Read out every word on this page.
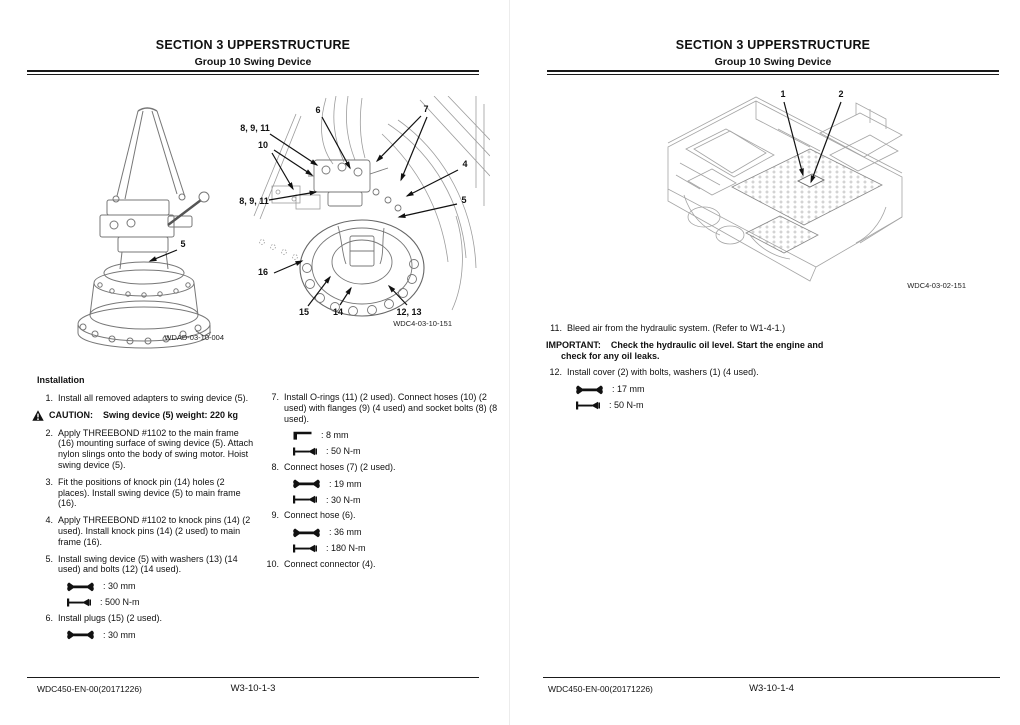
SECTION 3 UPPERSTRUCTURE
Group 10 Swing Device
5
WDAD-03-10-004
6	7
8, 9, 11
10
8, 9, 11
4
5
16
15	14	12, 13
WDC4-03-10-151
Installation
1. Install all removed adapters to swing device (5).
CAUTION: Swing device (5) weight: 220 kg
2. Apply THREEBOND #1102 to the main frame (16) mounting surface of swing device (5). Attach nylon slings onto the body of swing motor. Hoist swing device (5).
3. Fit the positions of knock pin (14) holes (2 places). Install swing device (5) to main frame (16).
4. Apply THREEBOND #1102 to knock pins (14) (2 used). Install knock pins (14) (2 used) to main frame (16).
5. Install swing device (5) with washers (13) (14 used) and bolts (12) (14 used).
: 30 mm
: 500 N-m
6. Install plugs (15) (2 used).
: 30 mm
7. Install O-rings (11) (2 used). Connect hoses (10) (2 used) with flanges (9) (4 used) and socket bolts (8) (8 used).
: 8 mm
: 50 N-m
8. Connect hoses (7) (2 used).
: 19 mm
: 30 N-m
9. Connect hose (6).
: 36 mm
: 180 N-m
10. Connect connector (4).
WDC450-EN-00(20171226)	W3-10-1-3
SECTION 3 UPPERSTRUCTURE
Group 10 Swing Device
1	2
WDC4-03-02-151
11. Bleed air from the hydraulic system. (Refer to W1-4-1.)
IMPORTANT: Check the hydraulic oil level. Start the engine and check for any oil leaks.
12. Install cover (2) with bolts, washers (1) (4 used).
: 17 mm
: 50 N-m
WDC450-EN-00(20171226)	W3-10-1-4
